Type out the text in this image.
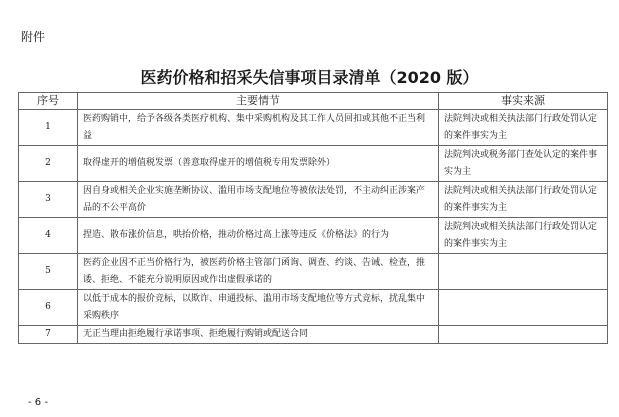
附件
医药价格和招采失信事项目录清单（2020 版）
序号	主要情节	事实来源
1	医药购销中，给予各级各类医疗机构、集中采购机构及其工作人员回扣或其他不正当利益	法院判决或相关执法部门行政处罚认定的案件事实为主
2	取得虚开的增值税发票（善意取得虚开的增值税专用发票除外）	法院判决或税务部门查处认定的案件事实为主
3	因自身或相关企业实施垄断协议、滥用市场支配地位等被依法处罚，不主动纠正涉案产品的不公平高价	法院判决或相关执法部门行政处罚认定的案件事实为主
4	捏造、散布涨价信息，哄抬价格，推动价格过高上涨等违反《价格法》的行为	法院判决或相关执法部门行政处罚认定的案件事实为主
5	医药企业因不正当价格行为，被医药价格主管部门函询、调查、约谈、告诫、检查，推诿、拒绝、不能充分说明原因或作出虚假承诺的	
6	以低于成本的报价竞标，以欺诈、串通投标、滥用市场支配地位等方式竞标，扰乱集中采购秩序	
7	无正当理由拒绝履行承诺事项、拒绝履行购销或配送合同	
- 6 -
